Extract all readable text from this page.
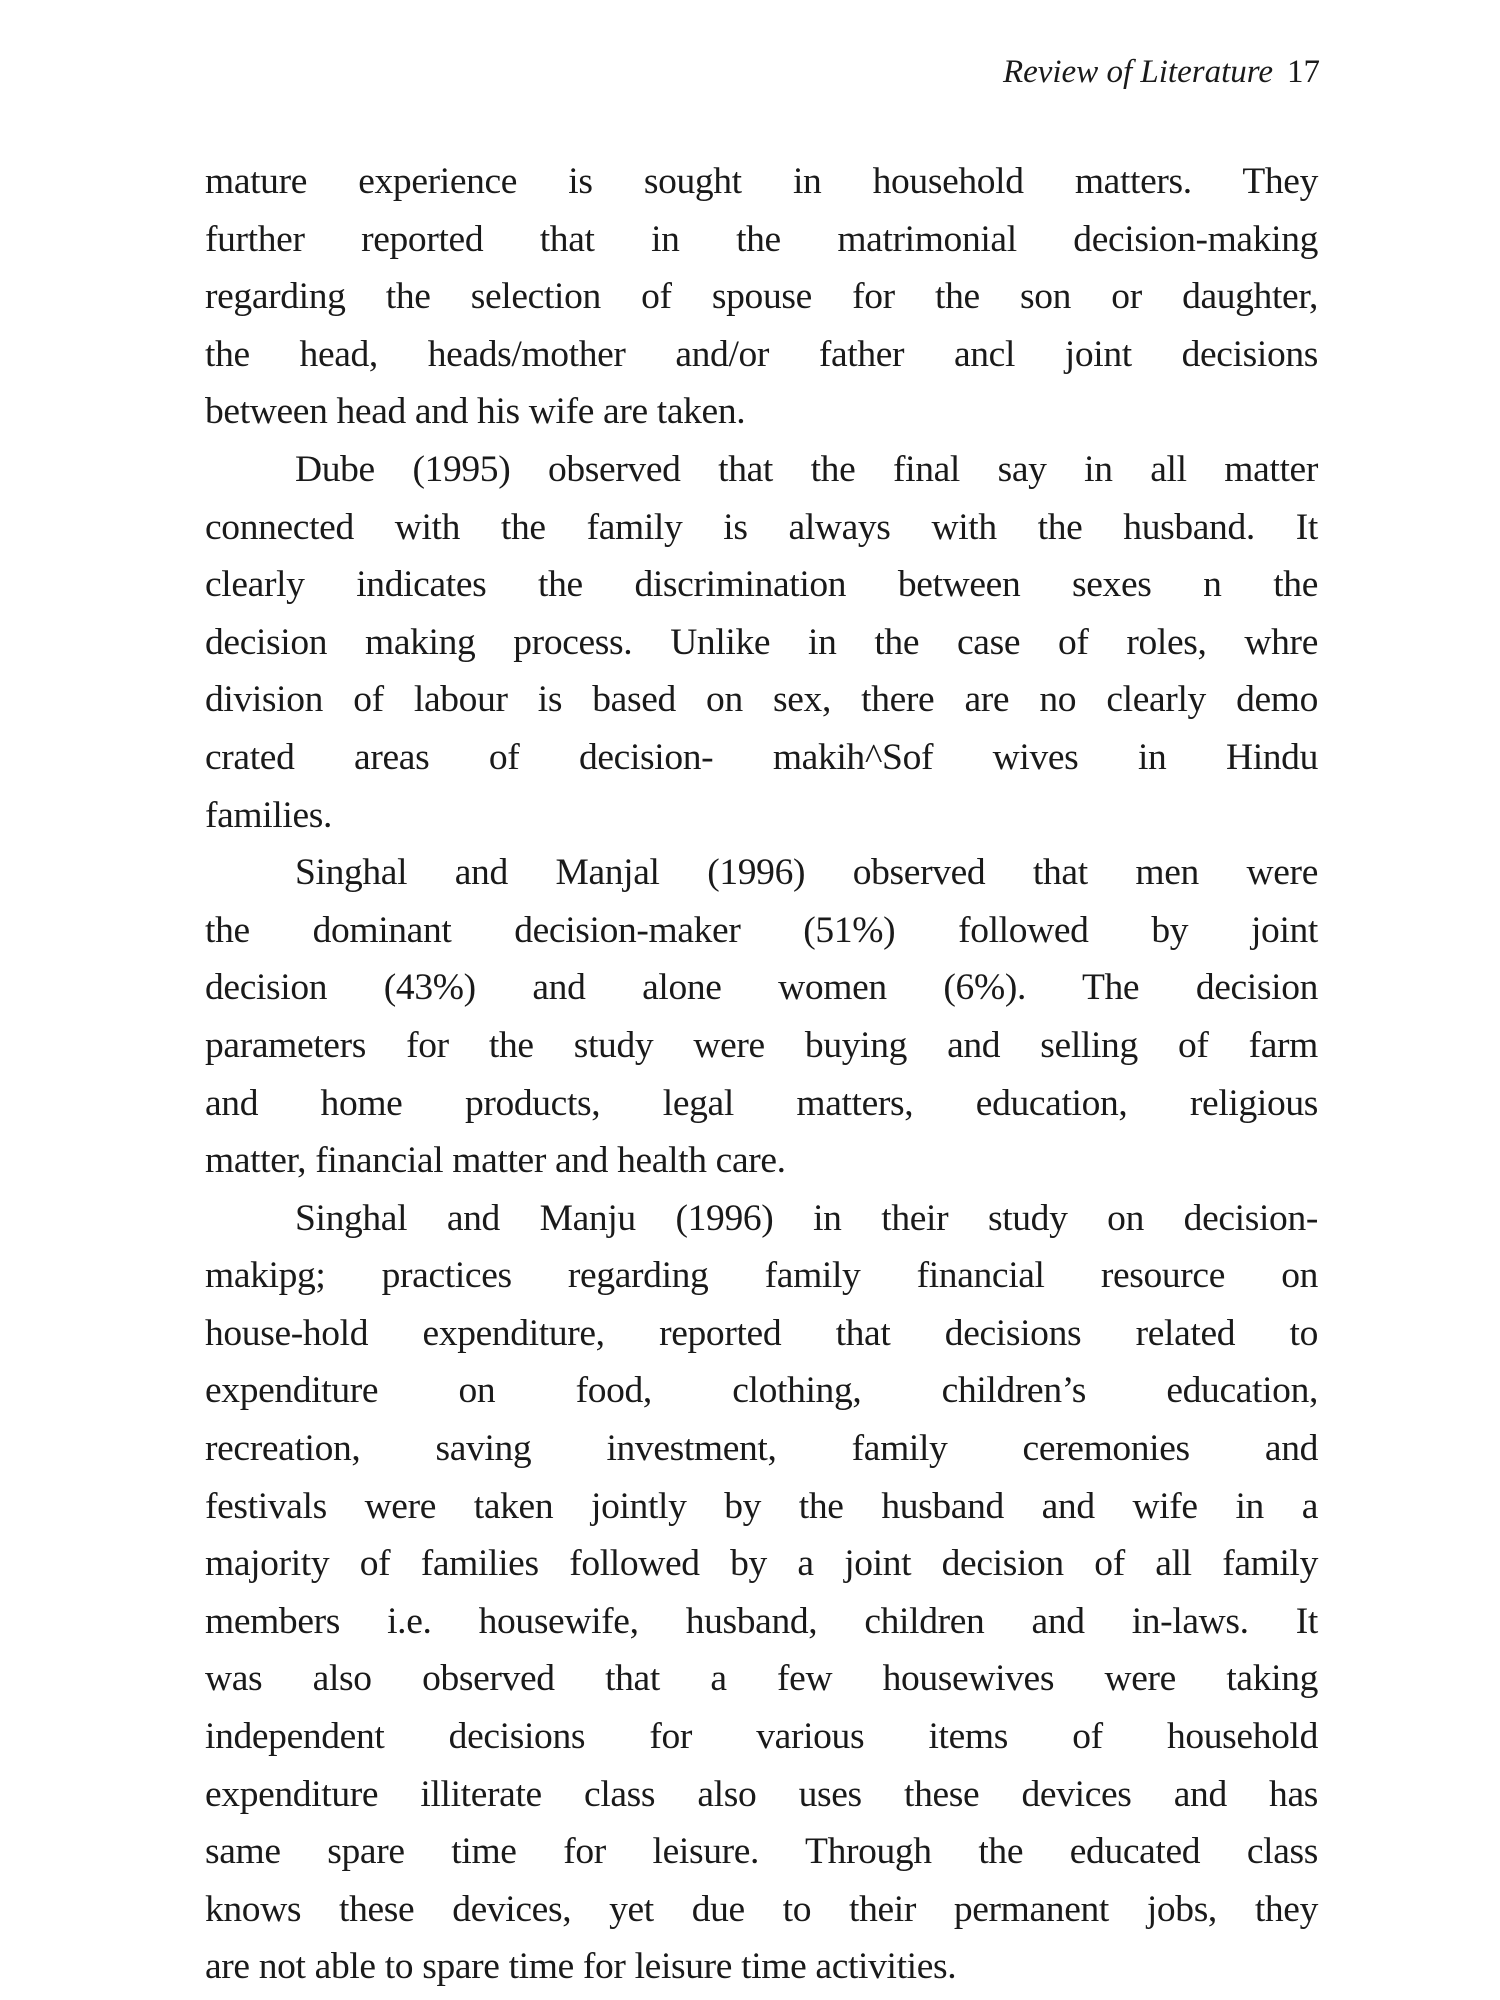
Review of Literature 17
mature experience is sought in household matters. They
further reported that in the matrimonial decision-making
regarding the selection of spouse for the son or daughter,
the head, heads/mother and/or father ancl joint decisions
between head and his wife are taken.
Dube (1995) observed that the final say in all matter
connected with the family is always with the husband. It
clearly indicates the discrimination between sexes n the
decision making process. Unlike in the case of roles, whre
division of labour is based on sex, there are no clearly demo
crated areas of decision- makih^Sof wives in Hindu
families.
Singhal and Manjal (1996) observed that men were
the dominant decision-maker (51%) followed by joint
decision (43%) and alone women (6%). The decision
parameters for the study were buying and selling of farm
and home products, legal matters, education, religious
matter, financial matter and health care.
Singhal and Manju (1996) in their study on decision-
makipg; practices regarding family financial resource on
house-hold expenditure, reported that decisions related to
expenditure on food, clothing, children’s education,
recreation, saving investment, family ceremonies and
festivals were taken jointly by the husband and wife in a
majority of families followed by a joint decision of all family
members i.e. housewife, husband, children and in-laws. It
was also observed that a few housewives were taking
independent decisions for various items of household
expenditure illiterate class also uses these devices and has
same spare time for leisure. Through the educated class
knows these devices, yet due to their permanent jobs, they
are not able to spare time for leisure time activities.
